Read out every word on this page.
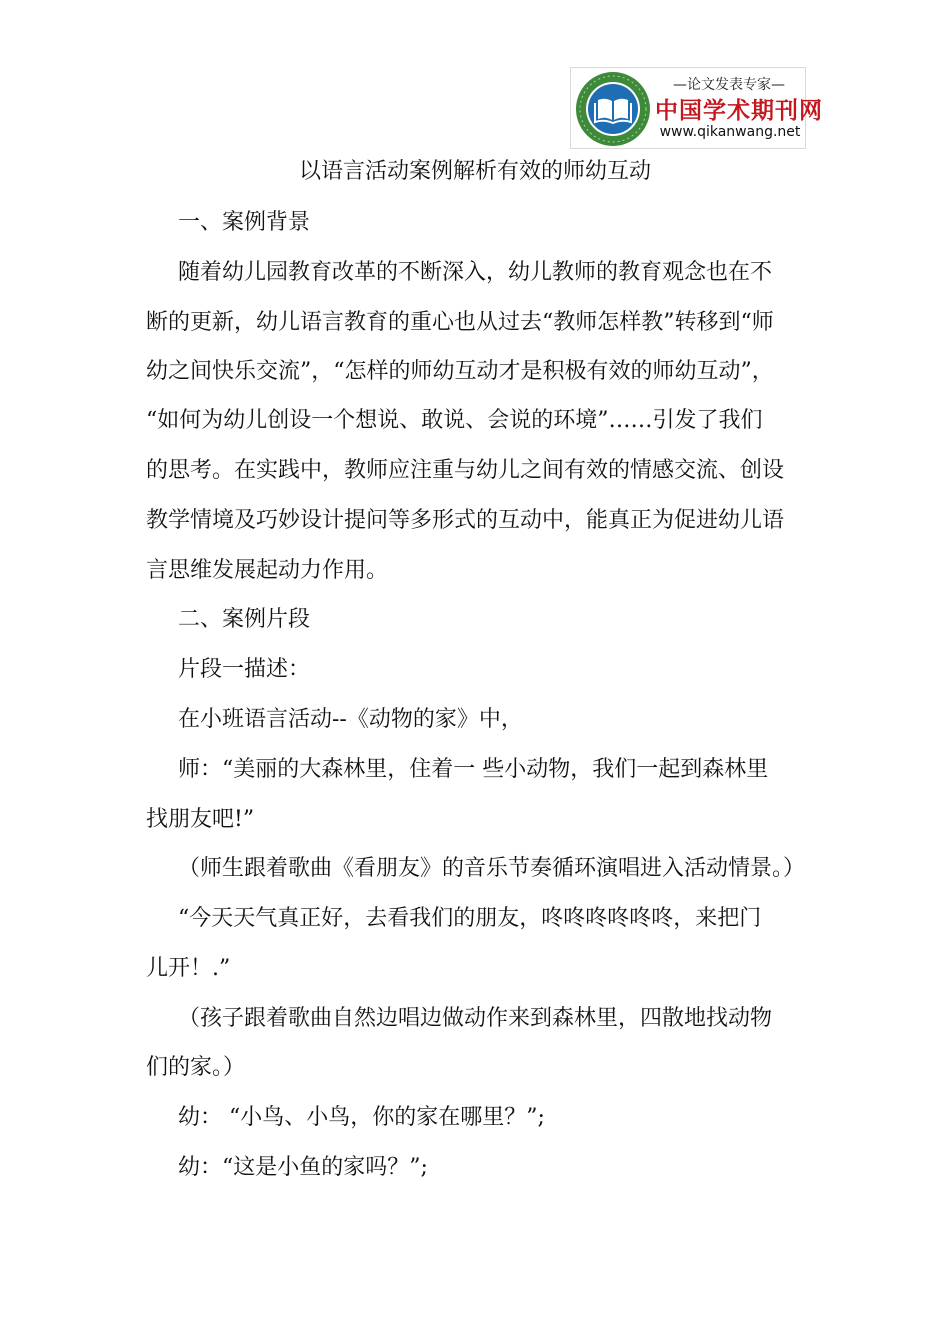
—论文发表专家—
中国学术期刊网
www.qikanwang.net
以语言活动案例解析有效的师幼互动
一、案例背景
随着幼儿园教育改革的不断深入，幼儿教师的教育观念也在不
断的更新，幼儿语言教育的重心也从过去“教师怎样教”转移到“师
幼之间快乐交流”，“怎样的师幼互动才是积极有效的师幼互动”，
“如何为幼儿创设一个想说、敢说、会说的环境”……引发了我们
的思考。在实践中，教师应注重与幼儿之间有效的情感交流、创设
教学情境及巧妙设计提问等多形式的互动中，能真正为促进幼儿语
言思维发展起动力作用。
二、案例片段
片段一描述：
在小班语言活动--《动物的家》中，
师：“美丽的大森林里，住着一 些小动物，我们一起到森林里
找朋友吧!”
（师生跟着歌曲《看朋友》的音乐节奏循环演唱进入活动情景。）
“今天天气真正好，去看我们的朋友，咚咚咚咚咚咚，来把门
儿开！.”
（孩子跟着歌曲自然边唱边做动作来到森林里，四散地找动物
们的家。）
幼： “小鸟、小鸟，你的家在哪里？”;
幼：“这是小鱼的家吗？”;
